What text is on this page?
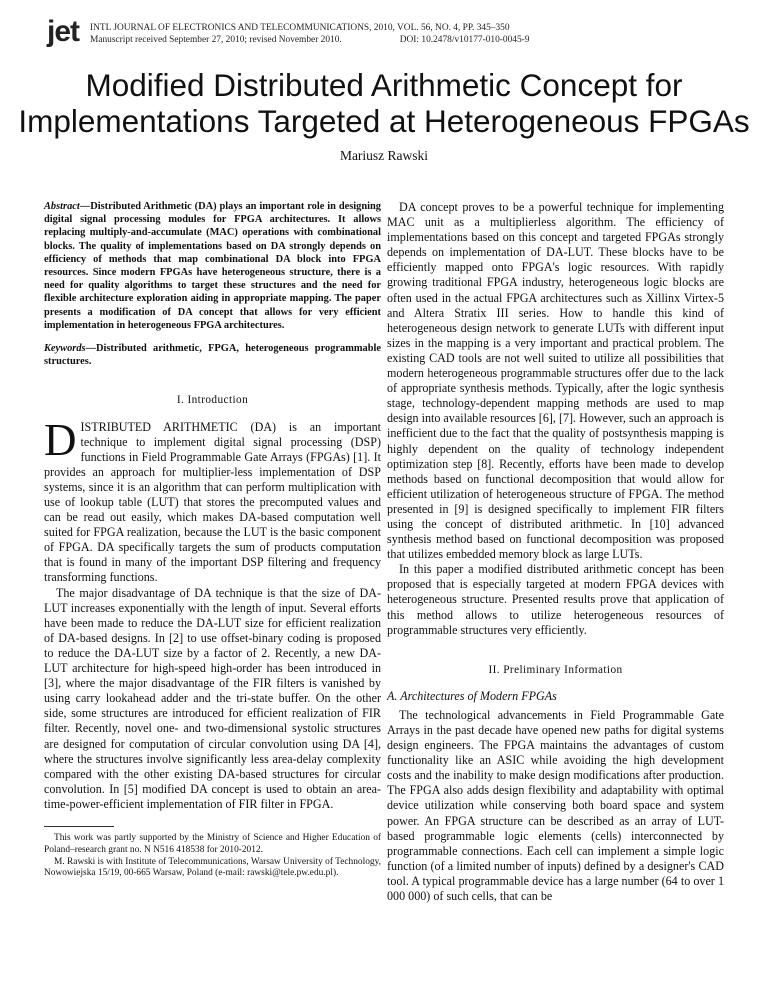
jet INTL JOURNAL OF ELECTRONICS AND TELECOMMUNICATIONS, 2010, VOL. 56, NO. 4, PP. 345–350
Manuscript received September 27, 2010; revised November 2010.	DOI: 10.2478/v10177-010-0045-9
Modified Distributed Arithmetic Concept for
Implementations Targeted at Heterogeneous FPGAs
Mariusz Rawski

Abstract—Distributed Arithmetic (DA) plays an important role in designing digital signal processing modules for FPGA architectures. It allows replacing multiply-and-accumulate (MAC) operations with combinational blocks. The quality of implementations based on DA strongly depends on efficiency of methods that map combinational DA block into FPGA resources. Since modern FPGAs have heterogeneous structure, there is a need for quality algorithms to target these structures and the need for flexible architecture exploration aiding in appropriate mapping. The paper presents a modification of DA concept that allows for very efficient implementation in heterogeneous FPGA architectures.

Keywords—Distributed arithmetic, FPGA, heterogeneous programmable structures.

I. Introduction

DISTRIBUTED ARITHMETIC (DA) is an important technique to implement digital signal processing (DSP) functions in Field Programmable Gate Arrays (FPGAs) [1]. It provides an approach for multiplier-less implementation of DSP systems, since it is an algorithm that can perform multiplication with use of lookup table (LUT) that stores the precomputed values and can be read out easily, which makes DA-based computation well suited for FPGA realization, because the LUT is the basic component of FPGA. DA specifically targets the sum of products computation that is found in many of the important DSP filtering and frequency transforming functions.

The major disadvantage of DA technique is that the size of DA-LUT increases exponentially with the length of input. Several efforts have been made to reduce the DA-LUT size for efficient realization of DA-based designs. In [2] to use offset-binary coding is proposed to reduce the DA-LUT size by a factor of 2. Recently, a new DA-LUT architecture for high-speed high-order has been introduced in [3], where the major disadvantage of the FIR filters is vanished by using carry lookahead adder and the tri-state buffer. On the other side, some structures are introduced for efficient realization of FIR filter. Recently, novel one- and two-dimensional systolic structures are designed for computation of circular convolution using DA [4], where the structures involve significantly less area-delay complexity compared with the other existing DA-based structures for circular convolution. In [5] modified DA concept is used to obtain an area-time-power-efficient implementation of FIR filter in FPGA.

This work was partly supported by the Ministry of Science and Higher Education of Poland–research grant no. N N516 418538 for 2010-2012.

M. Rawski is with Institute of Telecommunications, Warsaw University of Technology, Nowowiejska 15/19, 00-665 Warsaw, Poland (e-mail: rawski@tele.pw.edu.pl).

DA concept proves to be a powerful technique for implementing MAC unit as a multiplierless algorithm. The efficiency of implementations based on this concept and targeted FPGAs strongly depends on implementation of DA-LUT. These blocks have to be efficiently mapped onto FPGA's logic resources. With rapidly growing traditional FPGA industry, heterogeneous logic blocks are often used in the actual FPGA architectures such as Xillinx Virtex-5 and Altera Stratix III series. How to handle this kind of heterogeneous design network to generate LUTs with different input sizes in the mapping is a very important and practical problem. The existing CAD tools are not well suited to utilize all possibilities that modern heterogeneous programmable structures offer due to the lack of appropriate synthesis methods. Typically, after the logic synthesis stage, technology-dependent mapping methods are used to map design into available resources [6], [7]. However, such an approach is inefficient due to the fact that the quality of postsynthesis mapping is highly dependent on the quality of technology independent optimization step [8]. Recently, efforts have been made to develop methods based on functional decomposition that would allow for efficient utilization of heterogeneous structure of FPGA. The method presented in [9] is designed specifically to implement FIR filters using the concept of distributed arithmetic. In [10] advanced synthesis method based on functional decomposition was proposed that utilizes embedded memory block as large LUTs.

In this paper a modified distributed arithmetic concept has been proposed that is especially targeted at modern FPGA devices with heterogeneous structure. Presented results prove that application of this method allows to utilize heterogeneous resources of programmable structures very efficiently.

II. Preliminary Information
A. Architectures of Modern FPGAs

The technological advancements in Field Programmable Gate Arrays in the past decade have opened new paths for digital systems design engineers. The FPGA maintains the advantages of custom functionality like an ASIC while avoiding the high development costs and the inability to make design modifications after production. The FPGA also adds design flexibility and adaptability with optimal device utilization while conserving both board space and system power. An FPGA structure can be described as an array of LUT-based programmable logic elements (cells) interconnected by programmable connections. Each cell can implement a simple logic function (of a limited number of inputs) defined by a designer's CAD tool. A typical programmable device has a large number (64 to over 1 000 000) of such cells, that can be
